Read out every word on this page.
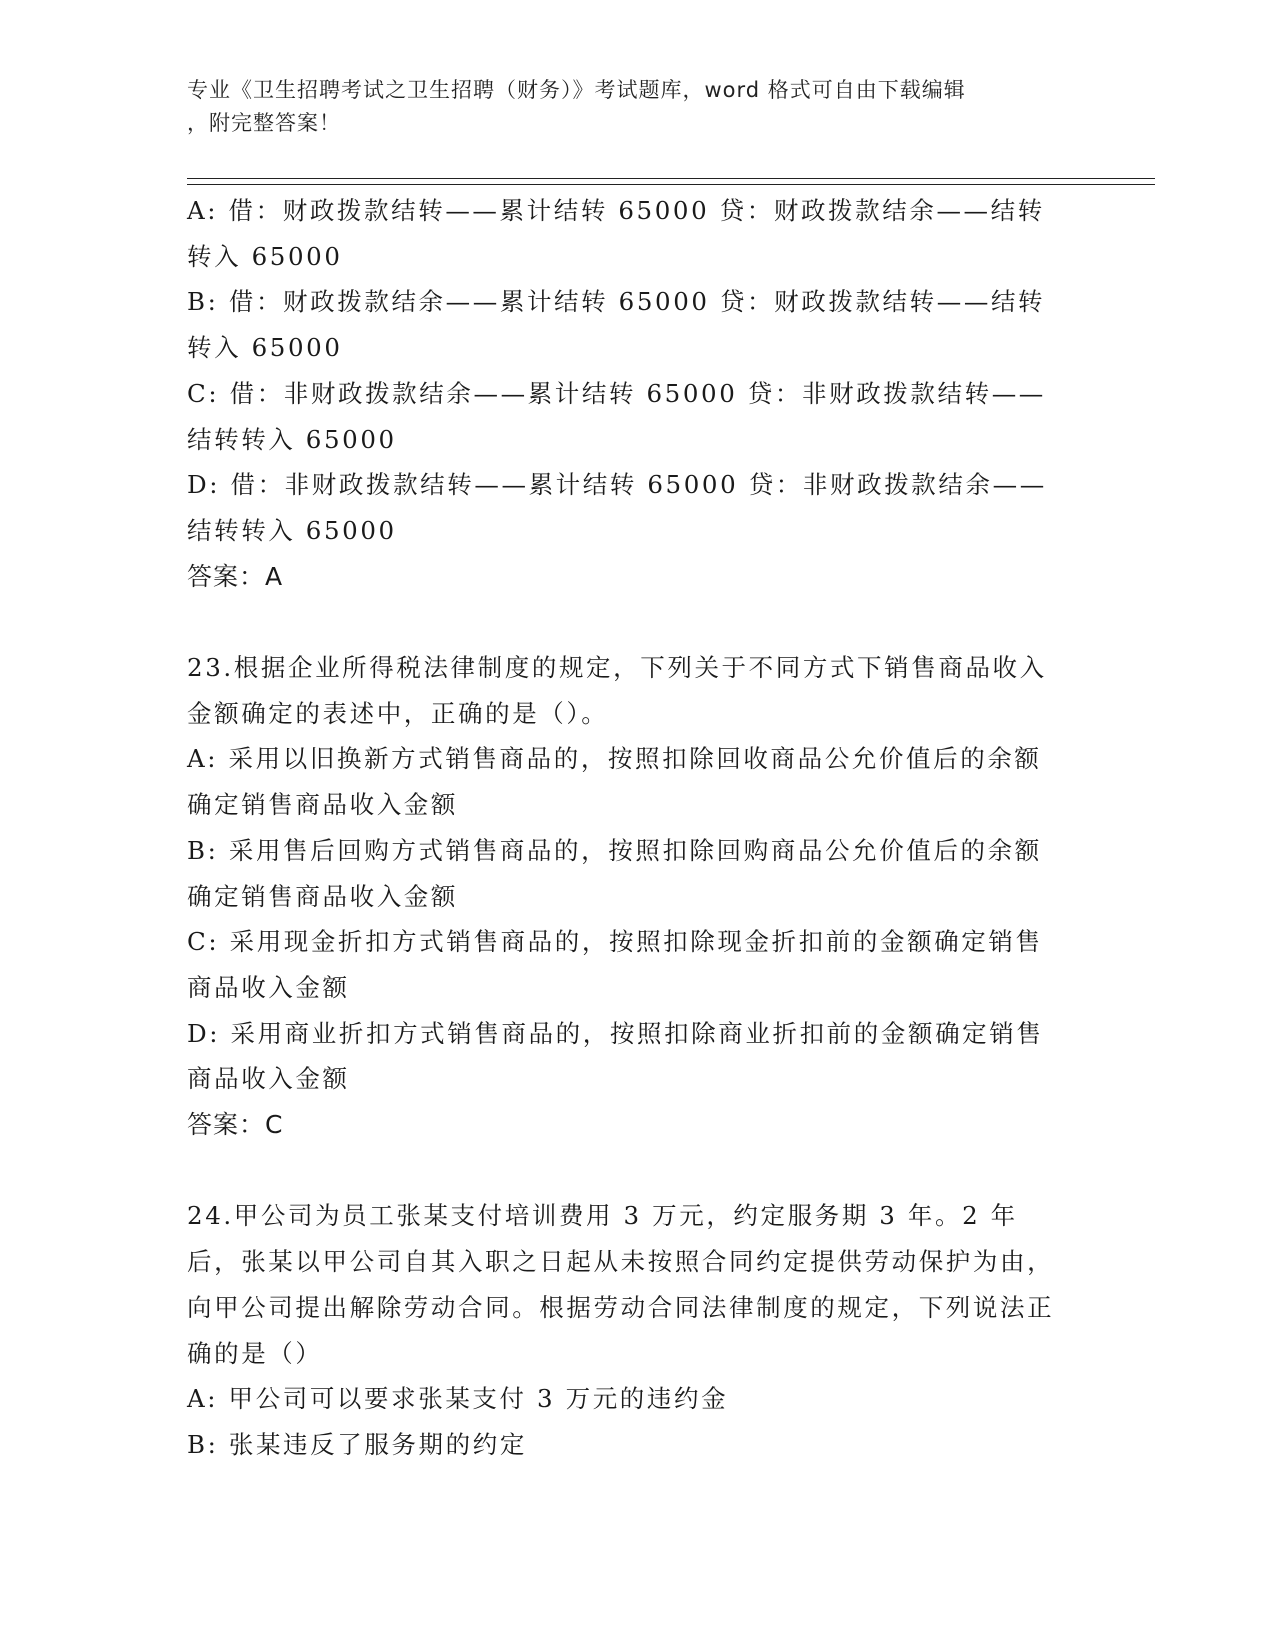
专业《卫生招聘考试之卫生招聘（财务）》考试题库，word 格式可自由下载编辑
，附完整答案！

A: 借：财政拨款结转——累计结转 65000 贷：财政拨款结余——结转转入 65000

B: 借：财政拨款结余——累计结转 65000 贷：财政拨款结转——结转转入 65000

C: 借：非财政拨款结余——累计结转 65000 贷：非财政拨款结转——结转转入 65000

D: 借：非财政拨款结转——累计结转 65000 贷：非财政拨款结余——结转转入 65000

答案：A

23.根据企业所得税法律制度的规定，下列关于不同方式下销售商品收入金额确定的表述中，正确的是（）。

A: 采用以旧换新方式销售商品的，按照扣除回收商品公允价值后的余额确定销售商品收入金额

B: 采用售后回购方式销售商品的，按照扣除回购商品公允价值后的余额确定销售商品收入金额

C: 采用现金折扣方式销售商品的，按照扣除现金折扣前的金额确定销售商品收入金额

D: 采用商业折扣方式销售商品的，按照扣除商业折扣前的金额确定销售商品收入金额

答案：C

24.甲公司为员工张某支付培训费用 3 万元，约定服务期 3 年。2 年后，张某以甲公司自其入职之日起从未按照合同约定提供劳动保护为由，向甲公司提出解除劳动合同。根据劳动合同法律制度的规定，下列说法正确的是（）

A: 甲公司可以要求张某支付 3 万元的违约金

B: 张某违反了服务期的约定
